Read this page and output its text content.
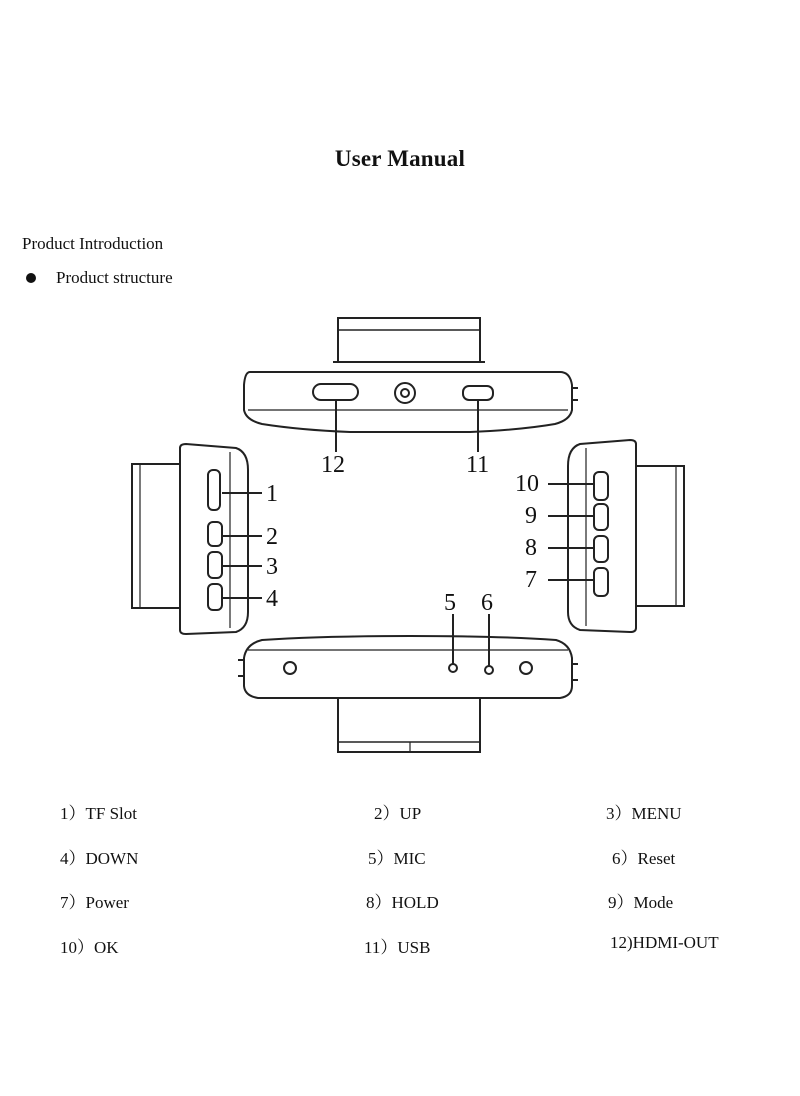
User Manual
Product Introduction
Product structure
12	11
1
2
3
4
10
9
8
7
5 6
1）TF Slot	2）UP	3）MENU
4）DOWN	5）MIC	6）Reset
7）Power	8）HOLD	9）Mode
10）OK	11）USB	12)HDMI-OUT
